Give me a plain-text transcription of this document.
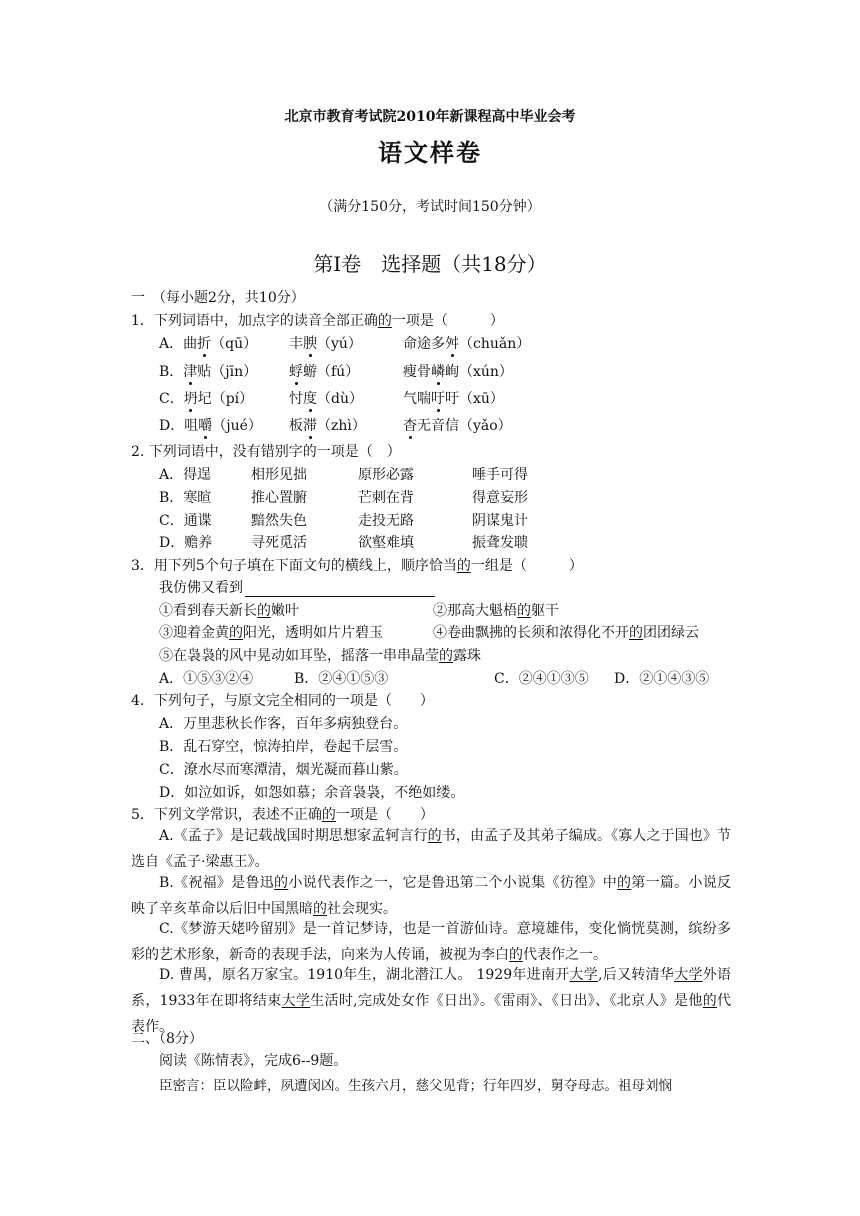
北京市教育考试院2010年新课程高中毕业会考
语文样卷
（满分150分，考试时间150分钟）
第Ⅰ卷　选择题（共18分）
一　（每小题2分，共10分）
1．下列词语中，加点字的读音全部正确的一项是（　　　）
A．曲折（qū） 丰腴（yú）	命途多舛（chuǎn）
B．津贴（jīn） 蜉蝣（fú）	瘦骨嶙峋（xún）
C．坍圮（pí）	忖度（dù）	气喘吁吁（xū）
D．咀嚼（jué） 板滞（zhì）	杳无音信（yǎo）
2. 下列词语中，没有错别字的一项是（　）
A．得逞	相形见拙	原形必露	唾手可得
B．寒暄	推心置腑	芒刺在背	得意妄形
C．通谍	黯然失色	走投无路	阴谋鬼计
D．赡养	寻死觅活	欲壑难填	振聋发聩
3．用下列5个句子填在下面文句的横线上，顺序恰当的一组是（　　　）
我仿佛又看到
①看到春天新长的嫩叶	②那高大魁梧的躯干
③迎着金黄的阳光，透明如片片碧玉	④卷曲飘拂的长须和浓得化不开的团团绿云
⑤在袅袅的风中晃动如耳坠，摇落一串串晶莹的露珠
A．①⑤③②④	B．②④①⑤③	C．②④①③⑤ D．②①④③⑤
4．下列句子，与原文完全相同的一项是（　　）
A．万里悲秋长作客，百年多病独登台。
B．乱石穿空，惊涛拍岸，卷起千层雪。
C．潦水尽而寒潭清，烟光凝而暮山紫。
D．如泣如诉，如怨如慕；余音袅袅，不绝如缕。
5．下列文学常识，表述不正确的一项是（　　）
A.《孟子》是记载战国时期思想家孟轲言行的书，由孟子及其弟子编成。《寡人之于国也》节选自《孟子·梁惠王》。
B.《祝福》是鲁迅的小说代表作之一，它是鲁迅第二个小说集《彷徨》中的第一篇。小说反映了辛亥革命以后旧中国黑暗的社会现实。
C.《梦游天姥吟留别》是一首记梦诗，也是一首游仙诗。意境雄伟，变化惝恍莫测，缤纷多彩的艺术形象，新奇的表现手法，向来为人传诵，被视为李白的代表作之一。
D. 曹禺，原名万家宝。1910年生，湖北潜江人。 1929年进南开大学,后又转清华大学外语系，1933年在即将结束大学生活时,完成处女作《日出》。《雷雨》、《日出》、《北京人》是他的代表作。
二、（8分）
阅读《陈情表》，完成6--9题。
臣密言：臣以险衅，夙遭闵凶。生孩六月，慈父见背；行年四岁，舅夺母志。祖母刘悯
